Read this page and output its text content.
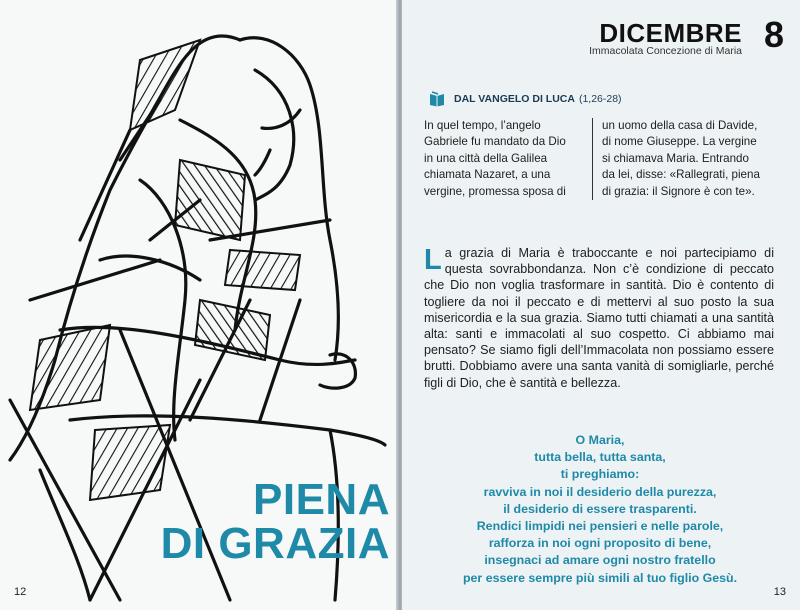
PIENA
DI GRAZIA
12
DICEMBRE 8
Immacolata Concezione di Maria
DAL VANGELO DI LUCA (1,26-28)
In quel tempo, l’angelo
Gabriele fu mandato da Dio
in una città della Galilea
chiamata Nazaret, a una
vergine, promessa sposa di
un uomo della casa di Davide,
di nome Giuseppe. La vergine
si chiamava Maria. Entrando
da lei, disse: «Rallegrati, piena
di grazia: il Signore è con te».
La grazia di Maria è traboccante e noi partecipiamo di questa sovrabbondanza. Non c’è condizione di peccato che Dio non voglia trasformare in santità. Dio è contento di togliere da noi il peccato e di mettervi al suo posto la sua misericordia e la sua grazia. Siamo tutti chiamati a una santità alta: santi e immacolati al suo cospetto. Ci abbiamo mai pensato? Se siamo figli dell’Immacolata non possiamo essere brutti. Dobbiamo avere una santa vanità di somigliarle, perché figli di Dio, che è santità e bellezza.
O Maria,
tutta bella, tutta santa,
ti preghiamo:
ravviva in noi il desiderio della purezza,
il desiderio di essere trasparenti.
Rendici limpidi nei pensieri e nelle parole,
rafforza in noi ogni proposito di bene,
insegnaci ad amare ogni nostro fratello
per essere sempre più simili al tuo figlio Gesù.
13
